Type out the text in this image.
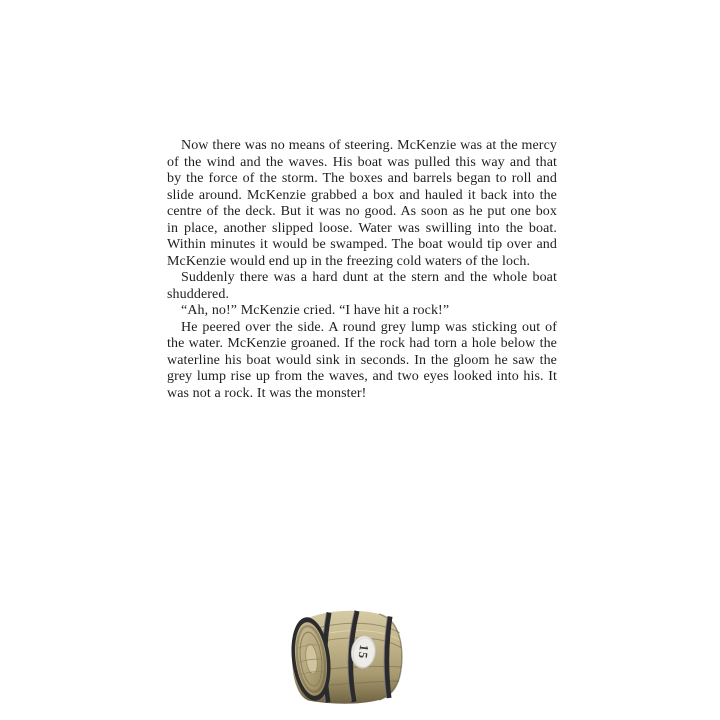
Now there was no means of steering. McKenzie was at the mercy
of the wind and the waves. His boat was pulled this way and that
by the force of the storm. The boxes and barrels began to roll and
slide around. McKenzie grabbed a box and hauled it back into the
centre of the deck. But it was no good. As soon as he put one box
in place, another slipped loose. Water was swilling into the boat.
Within minutes it would be swamped. The boat would tip over and
McKenzie would end up in the freezing cold waters of the loch.
Suddenly there was a hard dunt at the stern and the whole boat
shuddered.
“Ah, no!” McKenzie cried. “I have hit a rock!”
He peered over the side. A round grey lump was sticking out of
the water. McKenzie groaned. If the rock had torn a hole below the
waterline his boat would sink in seconds. In the gloom he saw the
grey lump rise up from the waves, and two eyes looked into his. It
was not a rock. It was the monster!
15
